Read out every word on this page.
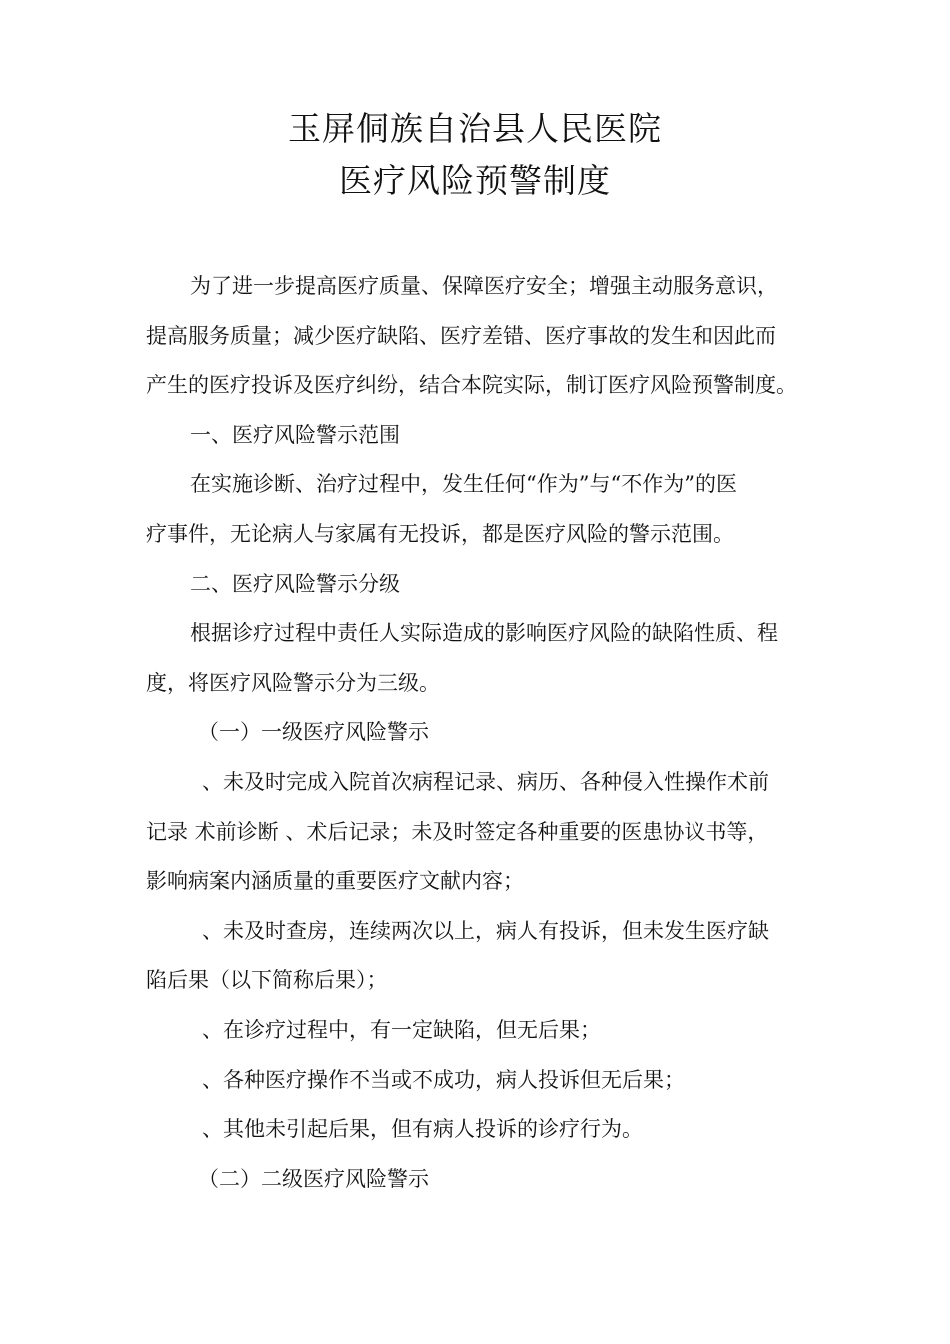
玉屏侗族自治县人民医院
医疗风险预警制度

为了进一步提高医疗质量、保障医疗安全；增强主动服务意识，

提高服务质量；减少医疗缺陷、医疗差错、医疗事故的发生和因此而

产生的医疗投诉及医疗纠纷，结合本院实际，制订医疗风险预警制度。

一、医疗风险警示范围

在实施诊断、治疗过程中，发生任何“作为”与“不作为”的医

疗事件，无论病人与家属有无投诉，都是医疗风险的警示范围。

二、医疗风险警示分级

根据诊疗过程中责任人实际造成的影响医疗风险的缺陷性质、程

度，将医疗风险警示分为三级。

（一）一级医疗风险警示

、未及时完成入院首次病程记录、病历、各种侵入性操作术前

记录 术前诊断 、术后记录；未及时签定各种重要的医患协议书等，

影响病案内涵质量的重要医疗文献内容；

、未及时查房，连续两次以上，病人有投诉，但未发生医疗缺

陷后果（以下简称后果）；

、在诊疗过程中，有一定缺陷，但无后果；

、各种医疗操作不当或不成功，病人投诉但无后果；

、其他未引起后果，但有病人投诉的诊疗行为。

（二）二级医疗风险警示
